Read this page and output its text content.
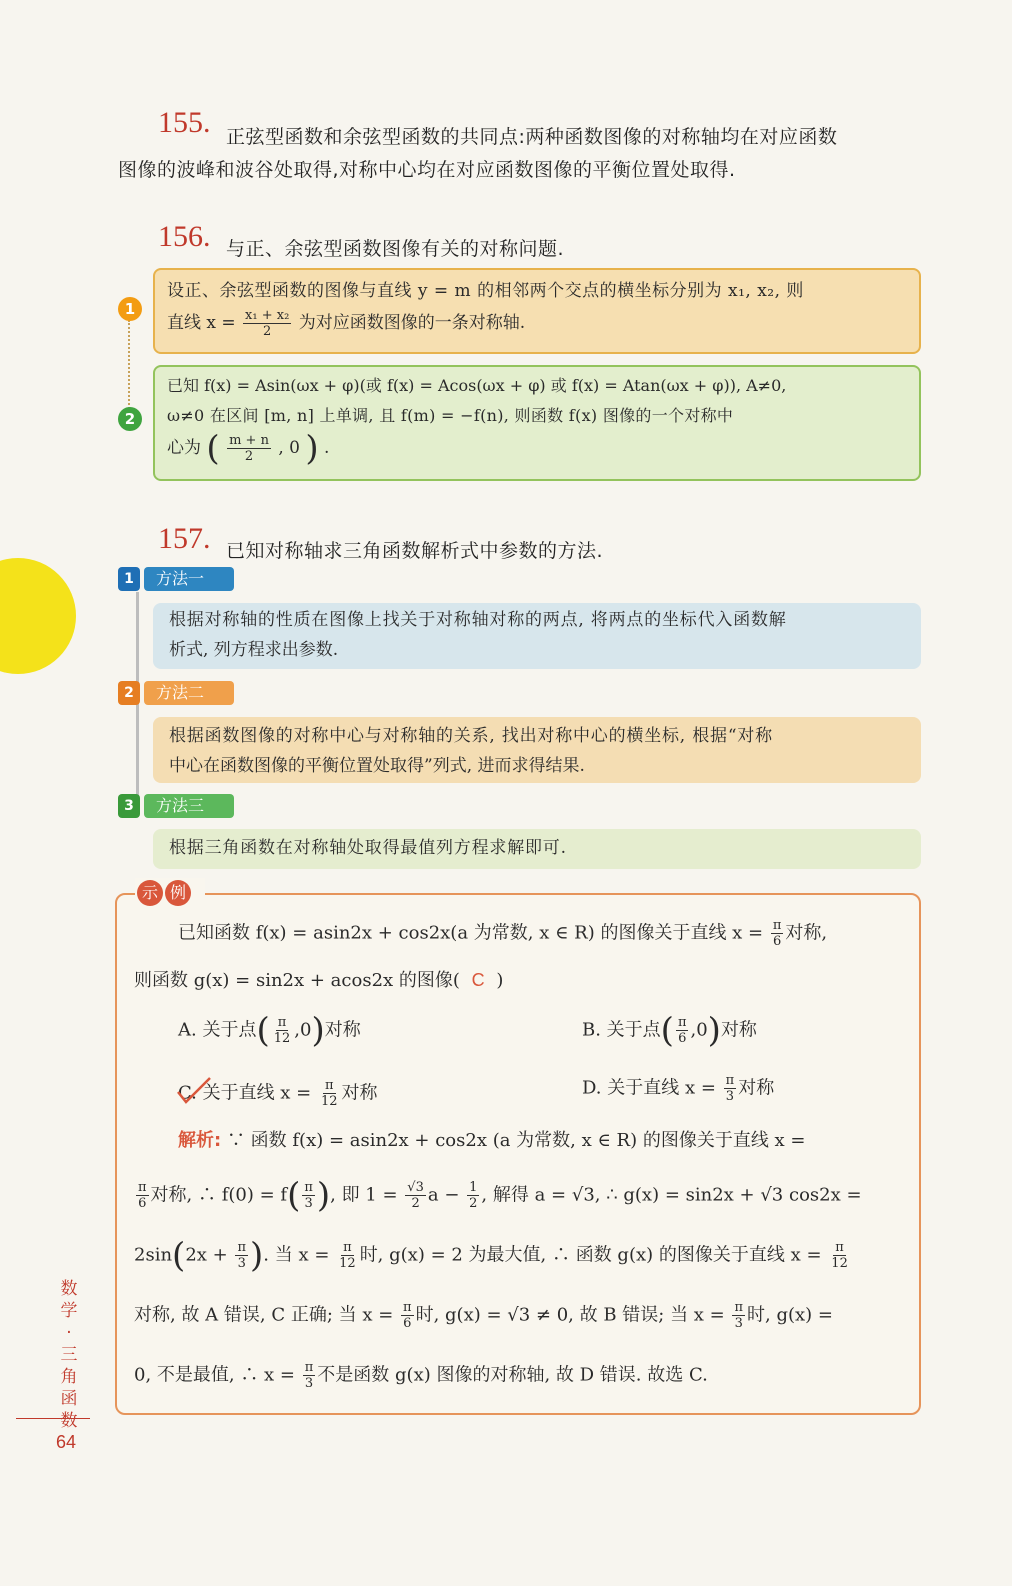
155. 正弦型函数和余弦型函数的共同点:两种函数图像的对称轴均在对应函数
图像的波峰和波谷处取得,对称中心均在对应函数图像的平衡位置处取得.
156. 与正、余弦型函数图像有关的对称问题.
1
设正、余弦型函数的图像与直线 y = m 的相邻两个交点的横坐标分别为 x₁, x₂, 则
直线 $x = \frac{\text{x₁ + x₂}}{2}$ 为对应函数图像的一条对称轴.
2
已知 f(x) = Asin(ωx + φ)(或 f(x) = Acos(ωx + φ) 或 f(x) = Atan(ωx + φ)), A≠0,
ω≠0 在区间 [m, n] 上单调, 且 f(m) = −f(n), 则函数 f(x) 图像的一个对称中
心为 ( $\frac{m + n}{2}$ , 0 ) .
157. 已知对称轴求三角函数解析式中参数的方法.
1	方法一
根据对称轴的性质在图像上找关于对称轴对称的两点, 将两点的坐标代入函数解
析式, 列方程求出参数.
2	方法二
根据函数图像的对称中心与对称轴的关系, 找出对称中心的横坐标, 根据“对称
中心在函数图像的平衡位置处取得”列式, 进而求得结果.
3	方法三
根据三角函数在对称轴处取得最值列方程求解即可.
示 例
已知函数 f(x) = asin2x + cos2x(a 为常数, x ∈ R) 的图像关于直线 $x = \frac{\pi}{6}$ 对称,
则函数 g(x) = sin2x + acos2x 的图像( C )
A. 关于点( $\frac{\pi}{12} ,0$)对称	B. 关于点( $\frac{\pi}{6} ,0$)对称
C. 关于直线 $x = \frac{\pi}{12}$ 对称	D. 关于直线 $x = \frac{\pi}{3}$ 对称
解析: ∵ 函数 f(x) = asin2x + cos2x (a 为常数, x ∈ R) 的图像关于直线 x =
$\frac{\pi}{6}$ 对称, ∴ $f(0) = f( \frac{\pi}{3}$ ), 即 $1 = \frac{√3}{2}$ $a - \frac{1}{2}$ , 解得 a = √3, ∴ g(x) = sin2x + √3 cos2x =
$2\sin(2x + \frac{\pi}{3}$ ). 当 $x = \frac{\pi}{12}$ 时, g(x) = 2 为最大值, ∴ 函数 g(x) 的图像关于直线 $x = \frac{\pi}{12}$
对称, 故 A 错误, C 正确; 当 $x = \frac{\pi}{6}$ 时, g(x) = √3 ≠ 0, 故 B 错误; 当 $x = \frac{\pi}{3}$ 时, g(x) =
0, 不是最值, ∴ $x = \frac{\pi}{3}$ 不是函数 g(x) 图像的对称轴, 故 D 错误. 故选 C.
数学·三角函数
64
